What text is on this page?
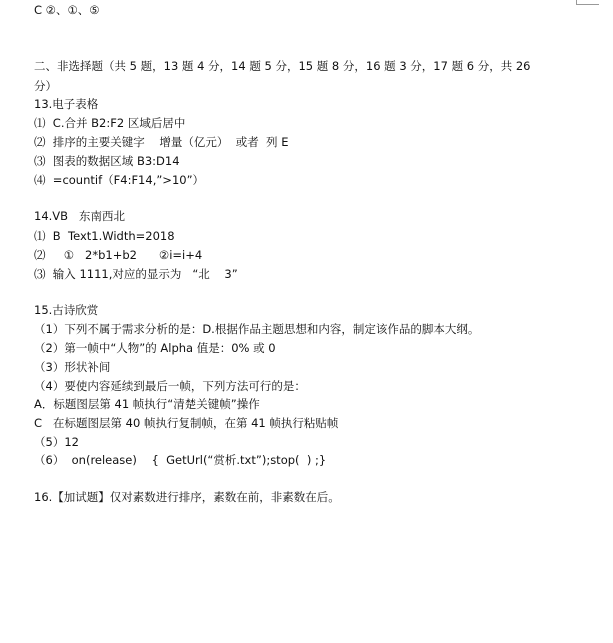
C ②、①、⑤
二、非选择题（共 5 题，13 题 4 分，14 题 5 分，15 题 8 分，16 题 3 分，17 题 6 分，共 26
分）
13.电子表格
⑴  C.合并 B2:F2 区域后居中
⑵  排序的主要关键字    增量（亿元）  或者  列 E
⑶  图表的数据区域 B3:D14
⑷  =countif（F4:F14,”>10”）
14.VB   东南西北
⑴  B  Text1.Width=2018
⑵     ①   2*b1+b2      ②i=i+4
⑶  输入 1111,对应的显示为   “北    3”
15.古诗欣赏
（1）下列不属于需求分析的是：D.根据作品主题思想和内容，制定该作品的脚本大纲。
（2）第一帧中“人物”的 Alpha 值是：0% 或 0
（3）形状补间
（4）要使内容延续到最后一帧，下列方法可行的是：
A．标题图层第 41 帧执行“清楚关键帧”操作
C   在标题图层第 40 帧执行复制帧，在第 41 帧执行粘贴帧
（5）12
（6）  on(release)    {  GetUrl(“赏析.txt”);stop(  ) ;}
16.【加试题】仅对素数进行排序，素数在前，非素数在后。
